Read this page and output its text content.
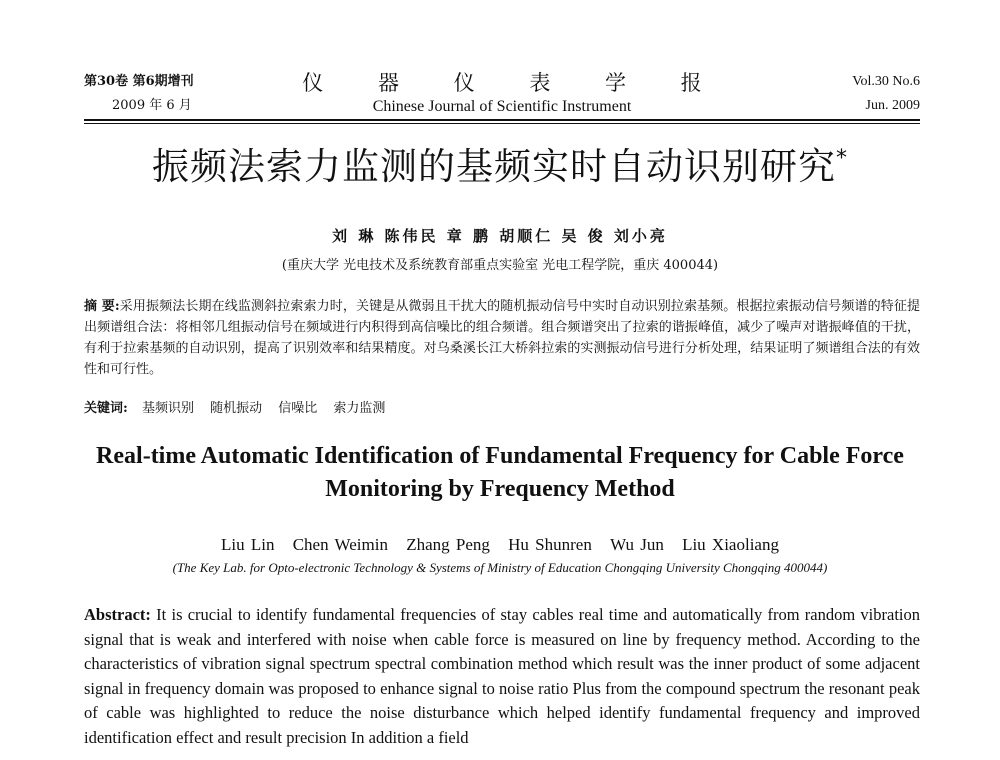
第30卷 第6期增刊
2009 年 6 月
仪 器 仪 表 学 报
Chinese Journal of Scientific Instrument
Vol.30 No.6
Jun. 2009
振频法索力监测的基频实时自动识别研究*
刘 琳 陈伟民 章 鹏 胡顺仁 吴 俊 刘小亮
(重庆大学 光电技术及系统教育部重点实验室 光电工程学院，重庆 400044)
摘 要:采用振频法长期在线监测斜拉索索力时，关键是从微弱且干扰大的随机振动信号中实时自动识别拉索基频。根据拉索振动信号频谱的特征提出频谱组合法：将相邻几组振动信号在频域进行内积得到高信噪比的组合频谱。组合频谱突出了拉索的谐振峰值，减少了噪声对谐振峰值的干扰，有利于拉索基频的自动识别，提高了识别效率和结果精度。对乌桑溪长江大桥斜拉索的实测振动信号进行分析处理，结果证明了频谱组合法的有效性和可行性。
关键词: 基频识别 随机振动 信噪比 索力监测
Real-time Automatic Identification of Fundamental Frequency for Cable Force Monitoring by Frequency Method
Liu Lin Chen Weimin Zhang Peng Hu Shunren Wu Jun Liu Xiaoliang
(The Key Lab. for Opto-electronic Technology & Systems of Ministry of Education Chongqing University Chongqing 400044)
Abstract: It is crucial to identify fundamental frequencies of stay cables real time and automatically from random vibration signal that is weak and interfered with noise when cable force is measured on line by frequency method. According to the characteristics of vibration signal spectrum spectral combination method which result was the inner product of some adjacent signal in frequency domain was proposed to enhance signal to noise ratio Plus from the compound spectrum the resonant peak of cable was highlighted to reduce the noise disturbance which helped identify fundamental frequency and improved identification effect and result precision In addition a field
